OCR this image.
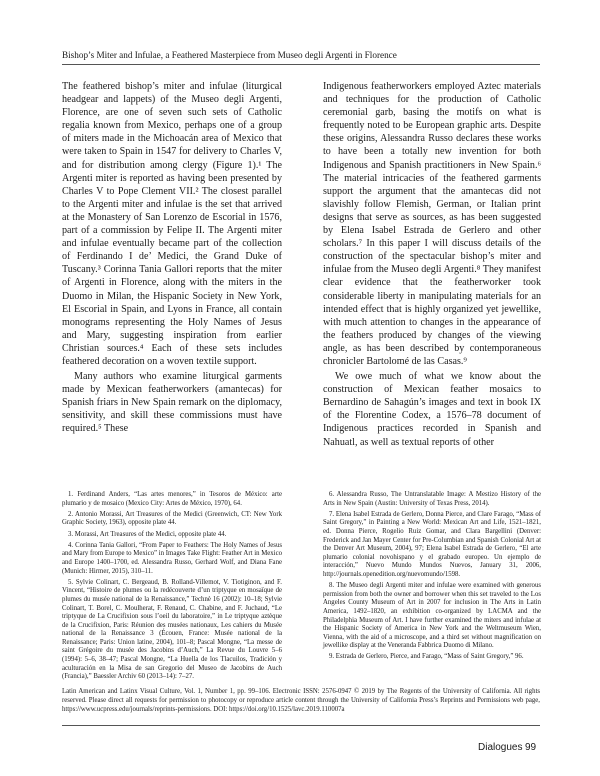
Bishop’s Miter and Infulae, a Feathered Masterpiece from Museo degli Argenti in Florence

The feathered bishop’s miter and infulae (liturgical headgear and lappets) of the Museo degli Argenti, Florence, are one of seven such sets of Catholic regalia known from Mexico, perhaps one of a group of miters made in the Michoacán area of Mexico that were taken to Spain in 1547 for delivery to Charles V, and for distribution among clergy (Figure 1).¹ The Argenti miter is reported as having been presented by Charles V to Pope Clement VII.² The closest parallel to the Argenti miter and infulae is the set that arrived at the Monastery of San Lorenzo de Escorial in 1576, part of a commission by Felipe II. The Argenti miter and infulae eventually became part of the collection of Ferdinando I de’ Medici, the Grand Duke of Tuscany.³ Corinna Tania Gallori reports that the miter of Argenti in Florence, along with the miters in the Duomo in Milan, the Hispanic Society in New York, El Escorial in Spain, and Lyons in France, all contain monograms representing the Holy Names of Jesus and Mary, suggesting inspiration from earlier Christian sources.⁴ Each of these sets includes feathered decoration on a woven textile support.

Many authors who examine liturgical garments made by Mexican featherworkers (amantecas) for Spanish friars in New Spain remark on the diplomacy, sensitivity, and skill these commissions must have required.⁵ These

Indigenous featherworkers employed Aztec materials and techniques for the production of Catholic ceremonial garb, basing the motifs on what is frequently noted to be European graphic arts. Despite these origins, Alessandra Russo declares these works to have been a totally new invention for both Indigenous and Spanish practitioners in New Spain.⁶ The material intricacies of the feathered garments support the argument that the amantecas did not slavishly follow Flemish, German, or Italian print designs that serve as sources, as has been suggested by Elena Isabel Estrada de Gerlero and other scholars.⁷ In this paper I will discuss details of the construction of the spectacular bishop’s miter and infulae from the Museo degli Argenti.⁸ They manifest clear evidence that the featherworker took considerable liberty in manipulating materials for an intended effect that is highly organized yet jewellike, with much attention to changes in the appearance of the feathers produced by changes of the viewing angle, as has been described by contemporaneous chronicler Bartolomé de las Casas.⁹

We owe much of what we know about the construction of Mexican feather mosaics to Bernardino de Sahagún’s images and text in book IX of the Florentine Codex, a 1576–78 document of Indigenous practices recorded in Spanish and Nahuatl, as well as textual reports of other

1. Ferdinand Anders, “Las artes menores,” in Tesoros de México: arte plumario y de mosaico (Mexico City: Artes de México, 1970), 64.

2. Antonio Morassi, Art Treasures of the Medici (Greenwich, CT: New York Graphic Society, 1963), opposite plate 44.

3. Morassi, Art Treasures of the Medici, opposite plate 44.

4. Corinna Tania Gallori, “From Paper to Feathers: The Holy Names of Jesus and Mary from Europe to Mexico” in Images Take Flight: Feather Art in Mexico and Europe 1400–1700, ed. Alessandra Russo, Gerhard Wolf, and Diana Fane (Munich: Hirmer, 2015), 310–11.

5. Sylvie Colinart, C. Bergeaud, B. Rolland-Villemot, V. Tiotiginon, and F. Vincent, “Histoire de plumes ou la redécouverte d’un triptyque en mosaïque de plumes du musée national de la Renaissance,” Technè 16 (2002): 10–18; Sylvie Colinart, T. Borel, C. Moulherat, F. Renaud, C. Chabine, and F. Juchaud, “Le triptyque de La Crucifixion sous l’oeil du laboratoire,” in Le triptyque aztèque de la Crucifixion, Paris: Réunion des musées nationaux, Les cahiers du Musée national de la Renaissance 3 (Écouen, France: Musée national de la Renaissance; Paris: Union latine, 2004), 101–8; Pascal Mongne, “La messe de saint Grégoire du musée des Jacobins d’Auch,” La Revue du Louvre 5–6 (1994): 5–6, 38–47; Pascal Mongne, “La Huella de los Tlacuilos, Tradición y aculturación en la Misa de san Gregorio del Museo de Jacobins de Auch (Francia),” Baessler Archiv 60 (2013–14): 7–27.

6. Alessandra Russo, The Untranslatable Image: A Mestizo History of the Arts in New Spain (Austin: University of Texas Press, 2014).

7. Elena Isabel Estrada de Gerlero, Donna Pierce, and Clare Farago, “Mass of Saint Gregory,” in Painting a New World: Mexican Art and Life, 1521–1821, ed. Donna Pierce, Rogelio Ruiz Gomar, and Clara Bargellini (Denver: Frederick and Jan Mayer Center for Pre-Columbian and Spanish Colonial Art at the Denver Art Museum, 2004), 97; Elena Isabel Estrada de Gerlero, “El arte plumario colonial novohispano y el grabado europeo. Un ejemplo de interacción,” Nuevo Mundo Mundos Nuevos, January 31, 2006, http://journals.openedition.org/nuevomundo/1598.

8. The Museo degli Argenti miter and infulae were examined with generous permission from both the owner and borrower when this set traveled to the Los Angeles County Museum of Art in 2007 for inclusion in The Arts in Latin America, 1492–1820, an exhibition co-organized by LACMA and the Philadelphia Museum of Art. I have further examined the miters and infulae at the Hispanic Society of America in New York and the Weltmuseum Wien, Vienna, with the aid of a microscope, and a third set without magnification on jewellike display at the Veneranda Fabbrica Duomo di Milano.

9. Estrada de Gerlero, Pierce, and Farago, “Mass of Saint Gregory,” 96.

Latin American and Latinx Visual Culture, Vol. 1, Number 1, pp. 99–106. Electronic ISSN: 2576-0947 © 2019 by The Regents of the University of California. All rights reserved. Please direct all requests for permission to photocopy or reproduce article content through the University of California Press’s Reprints and Permissions web page, https://www.ucpress.edu/journals/reprints-permissions. DOI: https://doi.org/10.1525/lavc.2019.110007a
Dialogues 99
